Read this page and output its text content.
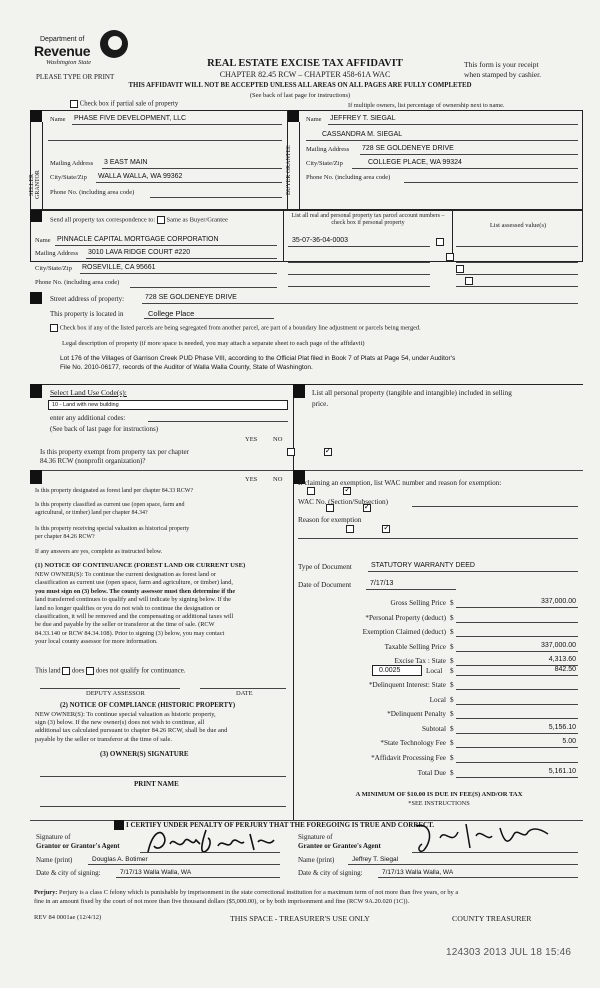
Department of
Revenue
Washington State	REAL ESTATE EXCISE TAX AFFIDAVIT
CHAPTER 82.45 RCW – CHAPTER 458-61A WAC
PLEASE TYPE OR PRINT
This form is your receipt
when stamped by cashier.
THIS AFFIDAVIT WILL NOT BE ACCEPTED UNLESS ALL AREAS ON ALL PAGES ARE FULLY COMPLETED
(See back of last page for instructions)
Check box if partial sale of property	If multiple owners, list percentage of ownership next to name.
SELLER GRANTOR	BUYER GRANTEE
Name PHASE FIVE DEVELOPMENT, LLC
Mailing Address 3 EAST MAIN
City/State/Zip WALLA WALLA, WA 99362
Phone No. (including area code)
Name JEFFREY T. SIEGAL
CASSANDRA M. SIEGAL
Mailing Address 728 SE GOLDENEYE DRIVE
City/State/Zip	COLLEGE PLACE, WA 99324
Phone No. (including area code)
Send all property tax correspondence to: Same as Buyer/Grantee
Name PINNACLE CAPITAL MORTGAGE CORPORATION
Mailing Address 3010 LAVA RIDGE COURT #220
List all real and personal property tax parcel account numbers – check box if personal property
35-07-36-04-0003

List assessed value(s)
City/State/Zip ROSEVILLE, CA 95661
Phone No. (including area code)

Street address of property:	728 SE GOLDENEYE DRIVE
This property is located in	College Place
Check box if any of the listed parcels are being segregated from another parcel, are part of a boundary line adjustment or parcels being merged.
Legal description of property (if more space is needed, you may attach a separate sheet to each page of the affidavit)
Lot 176 of the Villages of Garrison Creek PUD Phase VIII, according to the Official Plat filed in Book 7 of Plats at Page 54, under Auditor's
File No. 2010-06177, records of the Auditor of Walla Walla County, State of Washington.
Select Land Use Code(s):
10 - Land with new building
enter any additional codes:
(See back of last page for instructions)
YES NO
Is this property exempt from property tax per chapter
84.36 RCW (nonprofit organization)?
✓
List all personal property (tangible and intangible) included in selling
price.
YES NO
Is this property designated as forest land per chapter 84.33 RCW?
✓
Is this property classified as current use (open space, farm and
agricultural, or timber) land per chapter 84.34?
✓
Is this property receiving special valuation as historical property
per chapter 84.26 RCW?
✓
If any answers are yes, complete as instructed below.
(1) NOTICE OF CONTINUANCE (FOREST LAND OR CURRENT USE)
NEW OWNER(S): To continue the current designation as forest land or
classification as current use (open space, farm and agriculture, or timber) land,
you must sign on (3) below. The county assessor must then determine if the
land transferred continues to qualify and will indicate by signing below. If the
land no longer qualifies or you do not wish to continue the designation or
classification, it will be removed and the compensating or additional taxes will
be due and payable by the seller or transferor at the time of sale. (RCW
84.33.140 or RCW 84.34.108). Prior to signing (3) below, you may contact
your local county assessor for more information.
This land does does not qualify for continuance.
DEPUTY ASSESSOR	DATE
(2) NOTICE OF COMPLIANCE (HISTORIC PROPERTY)
NEW OWNER(S): To continue special valuation as historic property,
sign (3) below. If the new owner(s) does not wish to continue, all
additional tax calculated pursuant to chapter 84.26 RCW, shall be due and
payable by the seller or transferor at the time of sale.
(3) OWNER(S) SIGNATURE
PRINT NAME
If claiming an exemption, list WAC number and reason for exemption:
WAC No. (Section/Subsection)
Reason for exemption
Type of Document	STATUTORY WARRANTY DEED
Date of Document	7/17/13
Gross Selling Price $	337,000.00
*Personal Property (deduct) $
Exemption Claimed (deduct) $
Taxable Selling Price $	337,000.00
Excise Tax : State $	4,313.60
0.0025	Local $	842.50
*Delinquent Interest: State $
Local $
*Delinquent Penalty $
Subtotal $	5,156.10
*State Technology Fee $	5.00
*Affidavit Processing Fee $
Total Due $	5,161.10
A MINIMUM OF $10.00 IS DUE IN FEE(S) AND/OR TAX
*SEE INSTRUCTIONS
I CERTIFY UNDER PENALTY OF PERJURY THAT THE FOREGOING IS TRUE AND CORRECT.
Signature of
Grantor or Grantor's Agent
Name (print)	Douglas A. Botimer
Date & city of signing:	7/17/13 Walla Walla, WA
Signature of
Grantee or Grantee's Agent
Name (print)	Jeffrey T. Siegal
Date & city of signing:	7/17/13 Walla Walla, WA
Perjury: Perjury is a class C felony which is punishable by imprisonment in the state correctional institution for a maximum term of not more than five years, or by a
fine in an amount fixed by the court of not more than five thousand dollars ($5,000.00), or by both imprisonment and fine (RCW 9A.20.020 (1C)).
REV 84 0001ae (12/4/12)	THIS SPACE - TREASURER'S USE ONLY	COUNTY TREASURER
124303 2013 JUL 18 15:46
